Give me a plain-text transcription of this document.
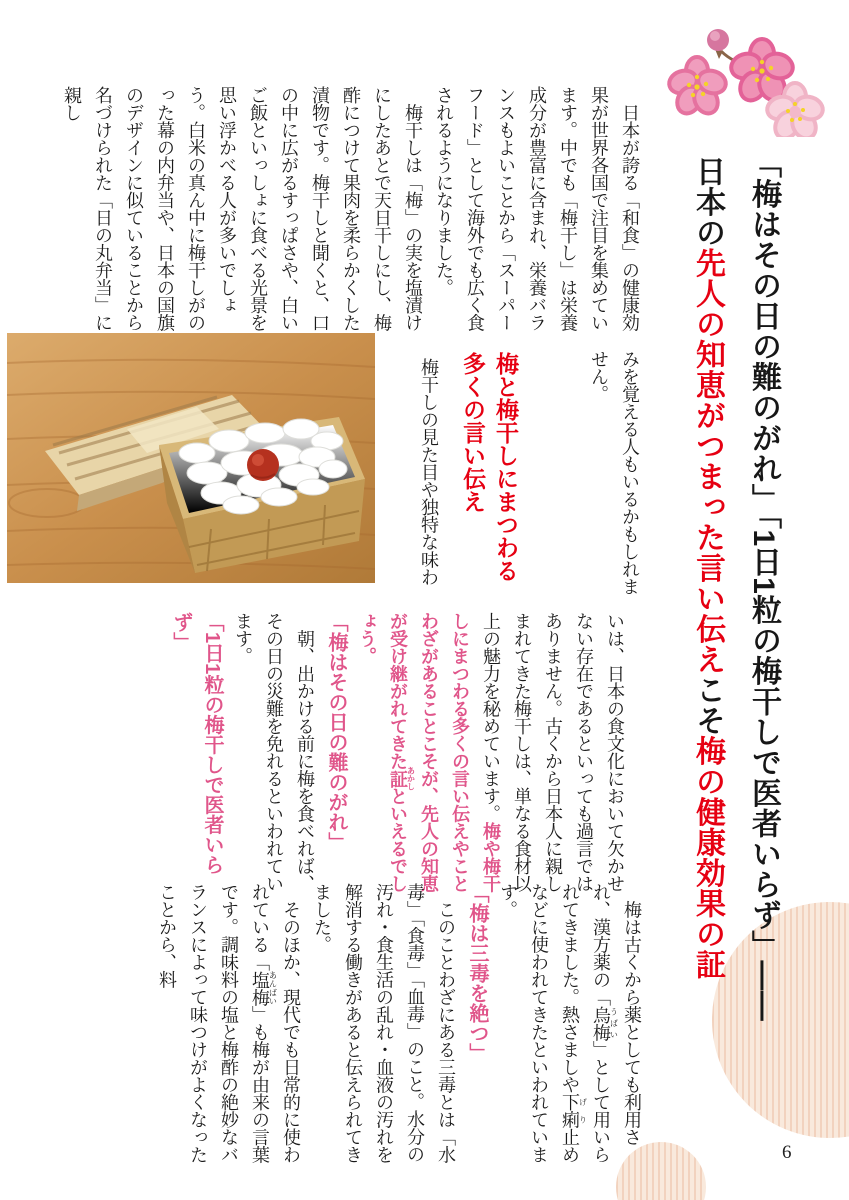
「梅はその日の難のがれ」「1日1粒の梅干しで医者いらず」――
日本の先人の知恵がつまった言い伝えこそ梅の健康効果の証

　日本が誇る「和食」の健康効果が世界各国で注目を集めています。中でも「梅干し」は栄養成分が豊富に含まれ、栄養バランスもよいことから「スーパーフード」として海外でも広く食されるようになりました。

　梅干しは「梅」の実を塩漬けにしたあとで天日干しにし、梅酢につけて果肉を柔らかくした漬物です。梅干しと聞くと、口の中に広がるすっぱさや、白いご飯といっしょに食べる光景を思い浮かべる人が多いでしょう。白米の真ん中に梅干しがのった幕の内弁当や、日本の国旗のデザインに似ていることから名づけられた「日の丸弁当」に親し

みを覚える人もいるかもしれません。

梅と梅干しにまつわる
多くの言い伝え

梅干しの見た目や独特な味わ

いは、日本の食文化において欠かせない存在であるといっても過言ではありません。古くから日本人に親しまれてきた梅干しは、単なる食材以上の魅力を秘めています。梅や梅干しにまつわる多くの言い伝えやことわざがあることこそが、先人の知恵が受け継がれてきた証あかしといえるでしょう。

「梅はその日の難のがれ」

　朝、出かける前に梅を食べれば、その日の災難を免れるといわれています。

「1日1粒の梅干しで医者いらず」

　梅は古くから薬としても利用され、漢方薬の「烏梅うばい」として用いられてきました。熱さましや下痢げり止めなどに使われてきたといわれています。

「梅は三毒を絶つ」

　このことわざにある三毒とは「水毒」「食毒」「血毒」のこと。水分の汚れ・食生活の乱れ・血液の汚れを解消する働きがあると伝えられてきました。

　そのほか、現代でも日常的に使われている「塩梅あんばい」も梅が由来の言葉です。調味料の塩と梅酢の絶妙なバランスによって味つけがよくなったことから、料

6
